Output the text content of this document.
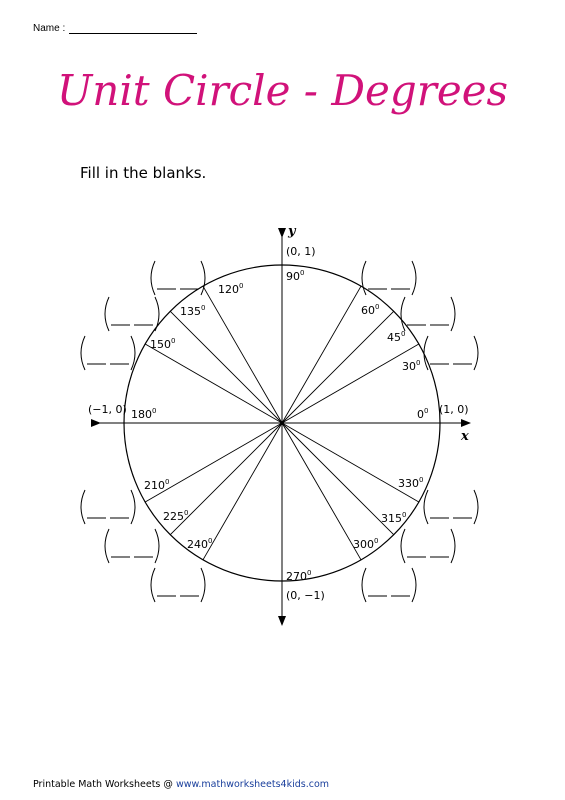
Name :
Unit Circle - Degrees
Fill in the blanks.
x
y
(0, 1)
(0, −1)
(−1, 0)	(1, 0)
$0^0$
$30^0$
$45^0$
$60^0$
$90^0$
$120^0$
$135^0$
$150^0$
$180^0$
$210^0$
$225^0$
$240^0$
$270^0$
$300^0$
$315^0$
$330^0$
Printable Math Worksheets @ www.mathworksheets4kids.com
